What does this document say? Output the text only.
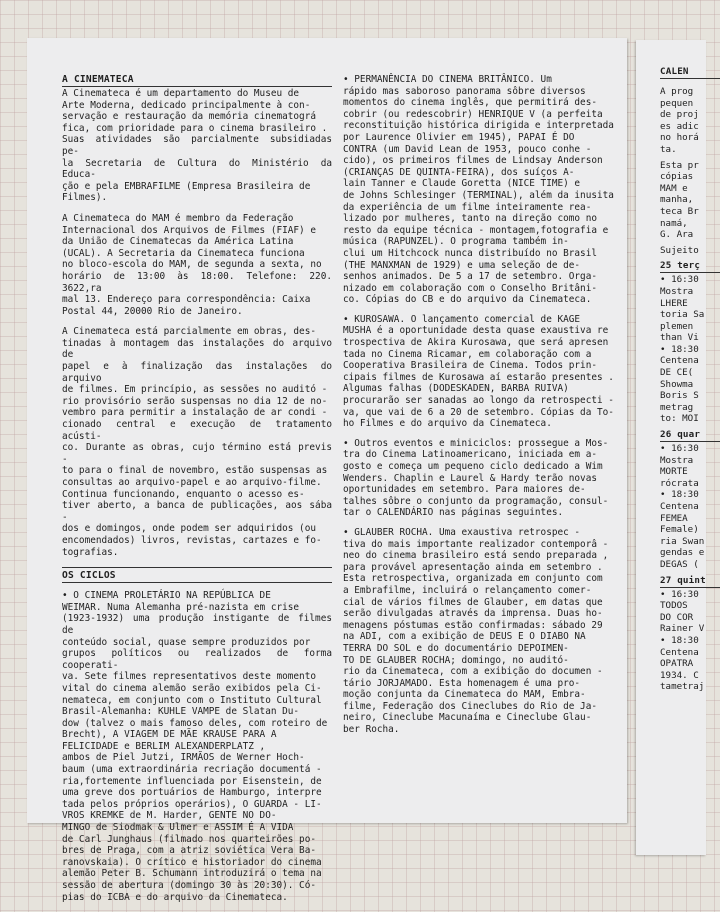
A CINEMATECA

A Cinemateca é um departamento do Museu de
Arte Moderna, dedicado principalmente à con-
servação e restauração da memória cinematográ
fica, com prioridade para o cinema brasileiro .
Suas atividades são parcialmente subsidiadas pe-
la Secretaria de Cultura do Ministério da Educa-
ção e pela EMBRAFILME (Empresa Brasileira de
Filmes).

A Cinemateca do MAM é membro da Federação
Internacional dos Arquivos de Filmes (FIAF) e
da União de Cinematecas da América Latina
(UCAL). A Secretaria da Cinemateca funciona
no bloco-escola do MAM, de segunda a sexta, no
horário de 13:00 às 18:00. Telefone: 220. 3622,ra
mal 13. Endereço para correspondência: Caixa
Postal 44, 20000 Rio de Janeiro.

A Cinemateca está parcialmente em obras, des-
tinadas à montagem das instalações do arquivo de
papel e à finalização das instalações do arquivo
de filmes. Em princípio, as sessões no auditó -
rio provisório serão suspensas no dia 12 de no-
vembro para permitir a instalação de ar condi -
cionado central e execução de tratamento acústi-
co. Durante as obras, cujo término está previs -
to para o final de novembro, estão suspensas as
consultas ao arquivo-papel e ao arquivo-filme.
Continua funcionando, enquanto o acesso es-
tiver aberto, a banca de publicações, aos sába -
dos e domingos, onde podem ser adquiridos (ou
encomendados) livros, revistas, cartazes e fo-
tografias.

OS CICLOS

• O CINEMA PROLETÁRIO NA REPÚBLICA DE
WEIMAR. Numa Alemanha pré-nazista em crise
(1923-1932) uma produção instigante de filmes de
conteúdo social, quase sempre produzidos por
grupos políticos ou realizados de forma cooperati-
va. Sete filmes representativos deste momento
vital do cinema alemão serão exibidos pela Ci-
nemateca, em conjunto com o Instituto Cultural
Brasil-Alemanha: KUHLE VAMPE de Slatan Du-
dow (talvez o mais famoso deles, com roteiro de
Brecht), A VIAGEM DE MÃE KRAUSE PARA A
FELICIDADE e BERLIM ALEXANDERPLATZ ,
ambos de Piel Jutzi, IRMÃOS de Werner Hoch-
baum (uma extraordinária recriação documentá -
ria,fortemente influenciada por Eisenstein, de
uma greve dos portuários de Hamburgo, interpre
tada pelos próprios operários), O GUARDA - LI-
VROS KREMKE de M. Harder, GENTE NO DO-
MINGO de Siodmak & Ulmer e ASSIM É A VIDA
de Carl Junghaus (filmado nos quarteirões po-
bres de Praga, com a atriz soviética Vera Ba-
ranovskaia). O crítico e historiador do cinema
alemão Peter B. Schumann introduzirá o tema na
sessão de abertura (domingo 30 às 20:30). Có-
pias do ICBA e do arquivo da Cinemateca.

• PERMANÊNCIA DO CINEMA BRITÂNICO. Um
rápido mas saboroso panorama sôbre diversos
momentos do cinema inglês, que permitirá des-
cobrir (ou redescobrir) HENRIQUE V (a perfeita
reconstituição histórica dirigida e interpretada
por Laurence Olivier em 1945), PAPAI É DO
CONTRA (um David Lean de 1953, pouco conhe -
cido), os primeiros filmes de Lindsay Anderson
(CRIANÇAS DE QUINTA-FEIRA), dos suíços A-
lain Tanner e Claude Goretta (NICE TIME) e
de Johns Schlesinger (TERMINAL), além da inusita
da experiência de um filme inteiramente rea-
lizado por mulheres, tanto na direção como no
resto da equipe técnica - montagem,fotografia e
música (RAPUNZEL). O programa também in-
clui um Hitchcock nunca distribuído no Brasil
(THE MANXMAN de 1929) e uma seleção de de-
senhos animados. De 5 a 17 de setembro. Orga-
nizado em colaboração com o Conselho Britâni-
co. Cópias do CB e do arquivo da Cinemateca.

• KUROSAWA. O lançamento comercial de KAGE
MUSHA é a oportunidade desta quase exaustiva re
trospectiva de Akira Kurosawa, que será apresen
tada no Cinema Ricamar, em colaboração com a
Cooperativa Brasileira de Cinema. Todos prin-
cipais filmes de Kurosawa aí estarão presentes .
Algumas falhas (DODESKADEN, BARBA RUIVA)
procurarão ser sanadas ao longo da retrospecti -
va, que vai de 6 a 20 de setembro. Cópias da To-
ho Filmes e do arquivo da Cinemateca.

• Outros eventos e miniciclos: prossegue a Mos-
tra do Cinema Latinoamericano, iniciada em a-
gosto e começa um pequeno ciclo dedicado a Wim
Wenders. Chaplin e Laurel & Hardy terão novas
oportunidades em setembro. Para maiores de-
talhes sôbre o conjunto da programação, consul-
tar o CALENDÁRIO nas páginas seguintes.

• GLAUBER ROCHA. Uma exaustiva retrospec -
tiva do mais importante realizador contemporâ -
neo do cinema brasileiro está sendo preparada ,
para provável apresentação ainda em setembro .
Esta retrospectiva, organizada em conjunto com
a Embrafilme, incluirá o relançamento comer-
cial de vários filmes de Glauber, em datas que
serão divulgadas através da imprensa. Duas ho-
menagens póstumas estão confirmadas: sábado 29
na ADI, com a exibição de DEUS E O DIABO NA
TERRA DO SOL e do documentário DEPOIMEN-
TO DE GLAUBER ROCHA; domingo, no auditó-
rio da Cinemateca, com a exibição do documen -
tário JORJAMADO. Esta homenagem é uma pro-
moção conjunta da Cinemateca do MAM, Embra-
filme, Federação dos Cineclubes do Rio de Ja-
neiro, Cineclube Macunaíma e Cineclube Glau-
ber Rocha.

CALEN

A prog
pequen
de proj
es adic
no horá
ta.

Esta pr
cópias
MAM e
manha,
teca Br
namá,
G. Ara

Sujeito

25 terç

• 16:30
Mostra
LHERE
toria Sa
plemen
than Vi
• 18:30
Centena
DE CE(
Showma
Boris S
metrag
to: MOI

26 quar

• 16:30
Mostra
MORTE
rócrata
• 18:30
Centena
FEMEA
Female)
ria Swan
gendas e
DEGAS (

27 quint

• 16:30
TODOS
DO COR
Rainer V
• 18:30
Centena
OPATRA
1934. C
tametraj
